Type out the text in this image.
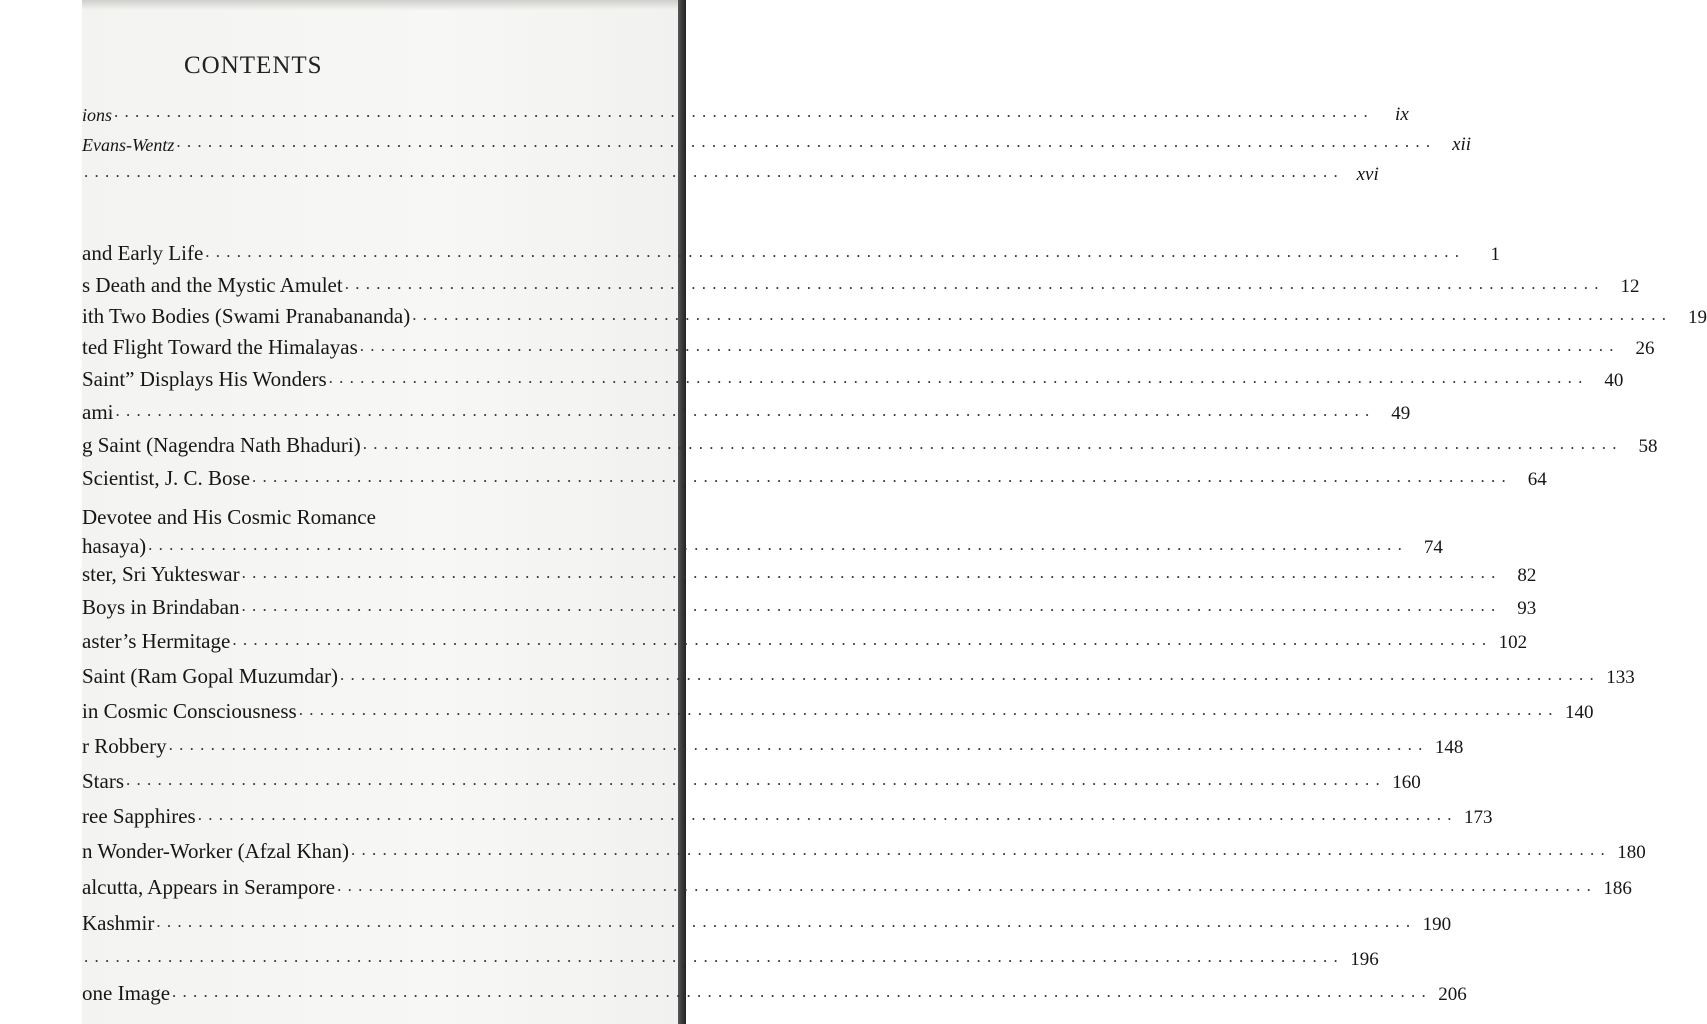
CONTENTS
ions . . . . . . . . . . . . . . . . . . . . . . . . . . . . . . . . . . . . . . . . . . . . . . . . . . . . . . . . . . . . . . . . . . . . . . . . . . . . . . . . . . . . . . . . . . . . . . . . . . . . . . . . . . . . . . . . . . . . . . . .	ix
Evans-Wentz . . . . . . . . . . . . . . . . . . . . . . . . . . . . . . . . . . . . . . . . . . . . . . . . . . . . . . . . . . . . . . . . . . . . . . . . . . . . . . . . . . . . . . . . . . . . . . . . . . . . . . . . . . . . . . . . . . . . . . . .	xii
. . . . . . . . . . . . . . . . . . . . . . . . . . . . . . . . . . . . . . . . . . . . . . . . . . . . . . . . . . . . . . . . . . . . . . . . . . . . . . . . . . . . . . . . . . . . . . . . . . . . . . . . . . . . . . . . . . . . . . . . xvi
and Early Life . . . . . . . . . . . . . . . . . . . . . . . . . . . . . . . . . . . . . . . . . . . . . . . . . . . . . . . . . . . . . . . . . . . . . . . . . . . . . . . . . . . . . . . . . . . . . . . . . . . . . . . . . . . . . . . . . . . . . . . .	1
s Death and the Mystic Amulet . . . . . . . . . . . . . . . . . . . . . . . . . . . . . . . . . . . . . . . . . . . . . . . . . . . . . . . . . . . . . . . . . . . . . . . . . . . . . . . . . . . . . . . . . . . . . . . . . . . . . . . . . . . . . . . . . . . . . . . .	12
ith Two Bodies (Swami Pranabananda) . . . . . . . . . . . . . . . . . . . . . . . . . . . . . . . . . . . . . . . . . . . . . . . . . . . . . . . . . . . . . . . . . . . . . . . . . . . . . . . . . . . . . . . . . . . . . . . . . . . . . . . . . . . . . . . . . . . . . . . .	19
ted Flight Toward the Himalayas . . . . . . . . . . . . . . . . . . . . . . . . . . . . . . . . . . . . . . . . . . . . . . . . . . . . . . . . . . . . . . . . . . . . . . . . . . . . . . . . . . . . . . . . . . . . . . . . . . . . . . . . . . . . . . . . . . . . . . . .	26
Saint” Displays His Wonders . . . . . . . . . . . . . . . . . . . . . . . . . . . . . . . . . . . . . . . . . . . . . . . . . . . . . . . . . . . . . . . . . . . . . . . . . . . . . . . . . . . . . . . . . . . . . . . . . . . . . . . . . . . . . . . . . . . . . . . .	40
ami . . . . . . . . . . . . . . . . . . . . . . . . . . . . . . . . . . . . . . . . . . . . . . . . . . . . . . . . . . . . . . . . . . . . . . . . . . . . . . . . . . . . . . . . . . . . . . . . . . . . . . . . . . . . . . . . . . . . . . . .	49
g Saint (Nagendra Nath Bhaduri) . . . . . . . . . . . . . . . . . . . . . . . . . . . . . . . . . . . . . . . . . . . . . . . . . . . . . . . . . . . . . . . . . . . . . . . . . . . . . . . . . . . . . . . . . . . . . . . . . . . . . . . . . . . . . . . . . . . . . . . .	58
Scientist, J. C. Bose . . . . . . . . . . . . . . . . . . . . . . . . . . . . . . . . . . . . . . . . . . . . . . . . . . . . . . . . . . . . . . . . . . . . . . . . . . . . . . . . . . . . . . . . . . . . . . . . . . . . . . . . . . . . . . . . . . . . . . . .	64
Devotee and His Cosmic Romance
hasaya) . . . . . . . . . . . . . . . . . . . . . . . . . . . . . . . . . . . . . . . . . . . . . . . . . . . . . . . . . . . . . . . . . . . . . . . . . . . . . . . . . . . . . . . . . . . . . . . . . . . . . . . . . . . . . . . . . . . . . . . .	74
ster, Sri Yukteswar . . . . . . . . . . . . . . . . . . . . . . . . . . . . . . . . . . . . . . . . . . . . . . . . . . . . . . . . . . . . . . . . . . . . . . . . . . . . . . . . . . . . . . . . . . . . . . . . . . . . . . . . . . . . . . . . . . . . . . . .	82
Boys in Brindaban . . . . . . . . . . . . . . . . . . . . . . . . . . . . . . . . . . . . . . . . . . . . . . . . . . . . . . . . . . . . . . . . . . . . . . . . . . . . . . . . . . . . . . . . . . . . . . . . . . . . . . . . . . . . . . . . . . . . . . . .	93
aster’s Hermitage . . . . . . . . . . . . . . . . . . . . . . . . . . . . . . . . . . . . . . . . . . . . . . . . . . . . . . . . . . . . . . . . . . . . . . . . . . . . . . . . . . . . . . . . . . . . . . . . . . . . . . . . . . . . . . . . . . . . . . . . 102
Saint (Ram Gopal Muzumdar) . . . . . . . . . . . . . . . . . . . . . . . . . . . . . . . . . . . . . . . . . . . . . . . . . . . . . . . . . . . . . . . . . . . . . . . . . . . . . . . . . . . . . . . . . . . . . . . . . . . . . . . . . . . . . . . . . . . . . . . . 133
in Cosmic Consciousness . . . . . . . . . . . . . . . . . . . . . . . . . . . . . . . . . . . . . . . . . . . . . . . . . . . . . . . . . . . . . . . . . . . . . . . . . . . . . . . . . . . . . . . . . . . . . . . . . . . . . . . . . . . . . . . . . . . . . . . . 140
r Robbery . . . . . . . . . . . . . . . . . . . . . . . . . . . . . . . . . . . . . . . . . . . . . . . . . . . . . . . . . . . . . . . . . . . . . . . . . . . . . . . . . . . . . . . . . . . . . . . . . . . . . . . . . . . . . . . . . . . . . . . . 148
Stars . . . . . . . . . . . . . . . . . . . . . . . . . . . . . . . . . . . . . . . . . . . . . . . . . . . . . . . . . . . . . . . . . . . . . . . . . . . . . . . . . . . . . . . . . . . . . . . . . . . . . . . . . . . . . . . . . . . . . . . . 160
ree Sapphires . . . . . . . . . . . . . . . . . . . . . . . . . . . . . . . . . . . . . . . . . . . . . . . . . . . . . . . . . . . . . . . . . . . . . . . . . . . . . . . . . . . . . . . . . . . . . . . . . . . . . . . . . . . . . . . . . . . . . . . . 173
n Wonder-Worker (Afzal Khan) . . . . . . . . . . . . . . . . . . . . . . . . . . . . . . . . . . . . . . . . . . . . . . . . . . . . . . . . . . . . . . . . . . . . . . . . . . . . . . . . . . . . . . . . . . . . . . . . . . . . . . . . . . . . . . . . . . . . . . . . 180
alcutta, Appears in Serampore . . . . . . . . . . . . . . . . . . . . . . . . . . . . . . . . . . . . . . . . . . . . . . . . . . . . . . . . . . . . . . . . . . . . . . . . . . . . . . . . . . . . . . . . . . . . . . . . . . . . . . . . . . . . . . . . . . . . . . . . 186
Kashmir . . . . . . . . . . . . . . . . . . . . . . . . . . . . . . . . . . . . . . . . . . . . . . . . . . . . . . . . . . . . . . . . . . . . . . . . . . . . . . . . . . . . . . . . . . . . . . . . . . . . . . . . . . . . . . . . . . . . . . . . 190
. . . . . . . . . . . . . . . . . . . . . . . . . . . . . . . . . . . . . . . . . . . . . . . . . . . . . . . . . . . . . . . . . . . . . . . . . . . . . . . . . . . . . . . . . . . . . . . . . . . . . . . . . . . . . . . . . . . . . . . . 196
one Image . . . . . . . . . . . . . . . . . . . . . . . . . . . . . . . . . . . . . . . . . . . . . . . . . . . . . . . . . . . . . . . . . . . . . . . . . . . . . . . . . . . . . . . . . . . . . . . . . . . . . . . . . . . . . . . . . . . . . . . . 206
